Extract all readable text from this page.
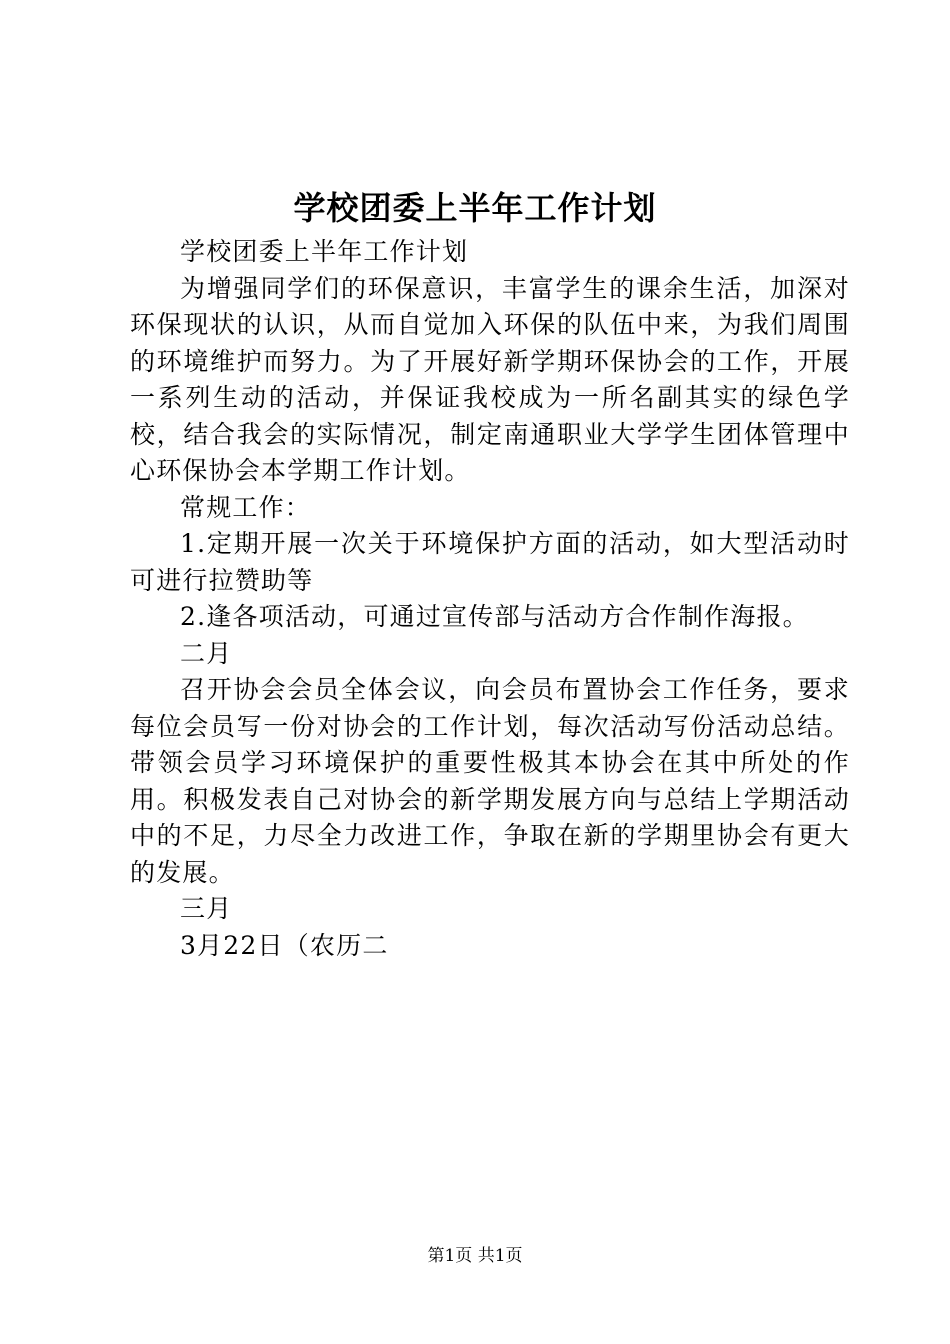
学校团委上半年工作计划

学校团委上半年工作计划

为增强同学们的环保意识，丰富学生的课余生活，加深对环保现状的认识，从而自觉加入环保的队伍中来，为我们周围的环境维护而努力。为了开展好新学期环保协会的工作，开展一系列生动的活动，并保证我校成为一所名副其实的绿色学校，结合我会的实际情况，制定南通职业大学学生团体管理中心环保协会本学期工作计划。

常规工作：

1.定期开展一次关于环境保护方面的活动，如大型活动时可进行拉赞助等

2.逢各项活动，可通过宣传部与活动方合作制作海报。

二月

召开协会会员全体会议，向会员布置协会工作任务，要求每位会员写一份对协会的工作计划，每次活动写份活动总结。带领会员学习环境保护的重要性极其本协会在其中所处的作用。积极发表自己对协会的新学期发展方向与总结上学期活动中的不足，力尽全力改进工作，争取在新的学期里协会有更大的发展。

三月

3月22日（农历二

第1页 共1页
